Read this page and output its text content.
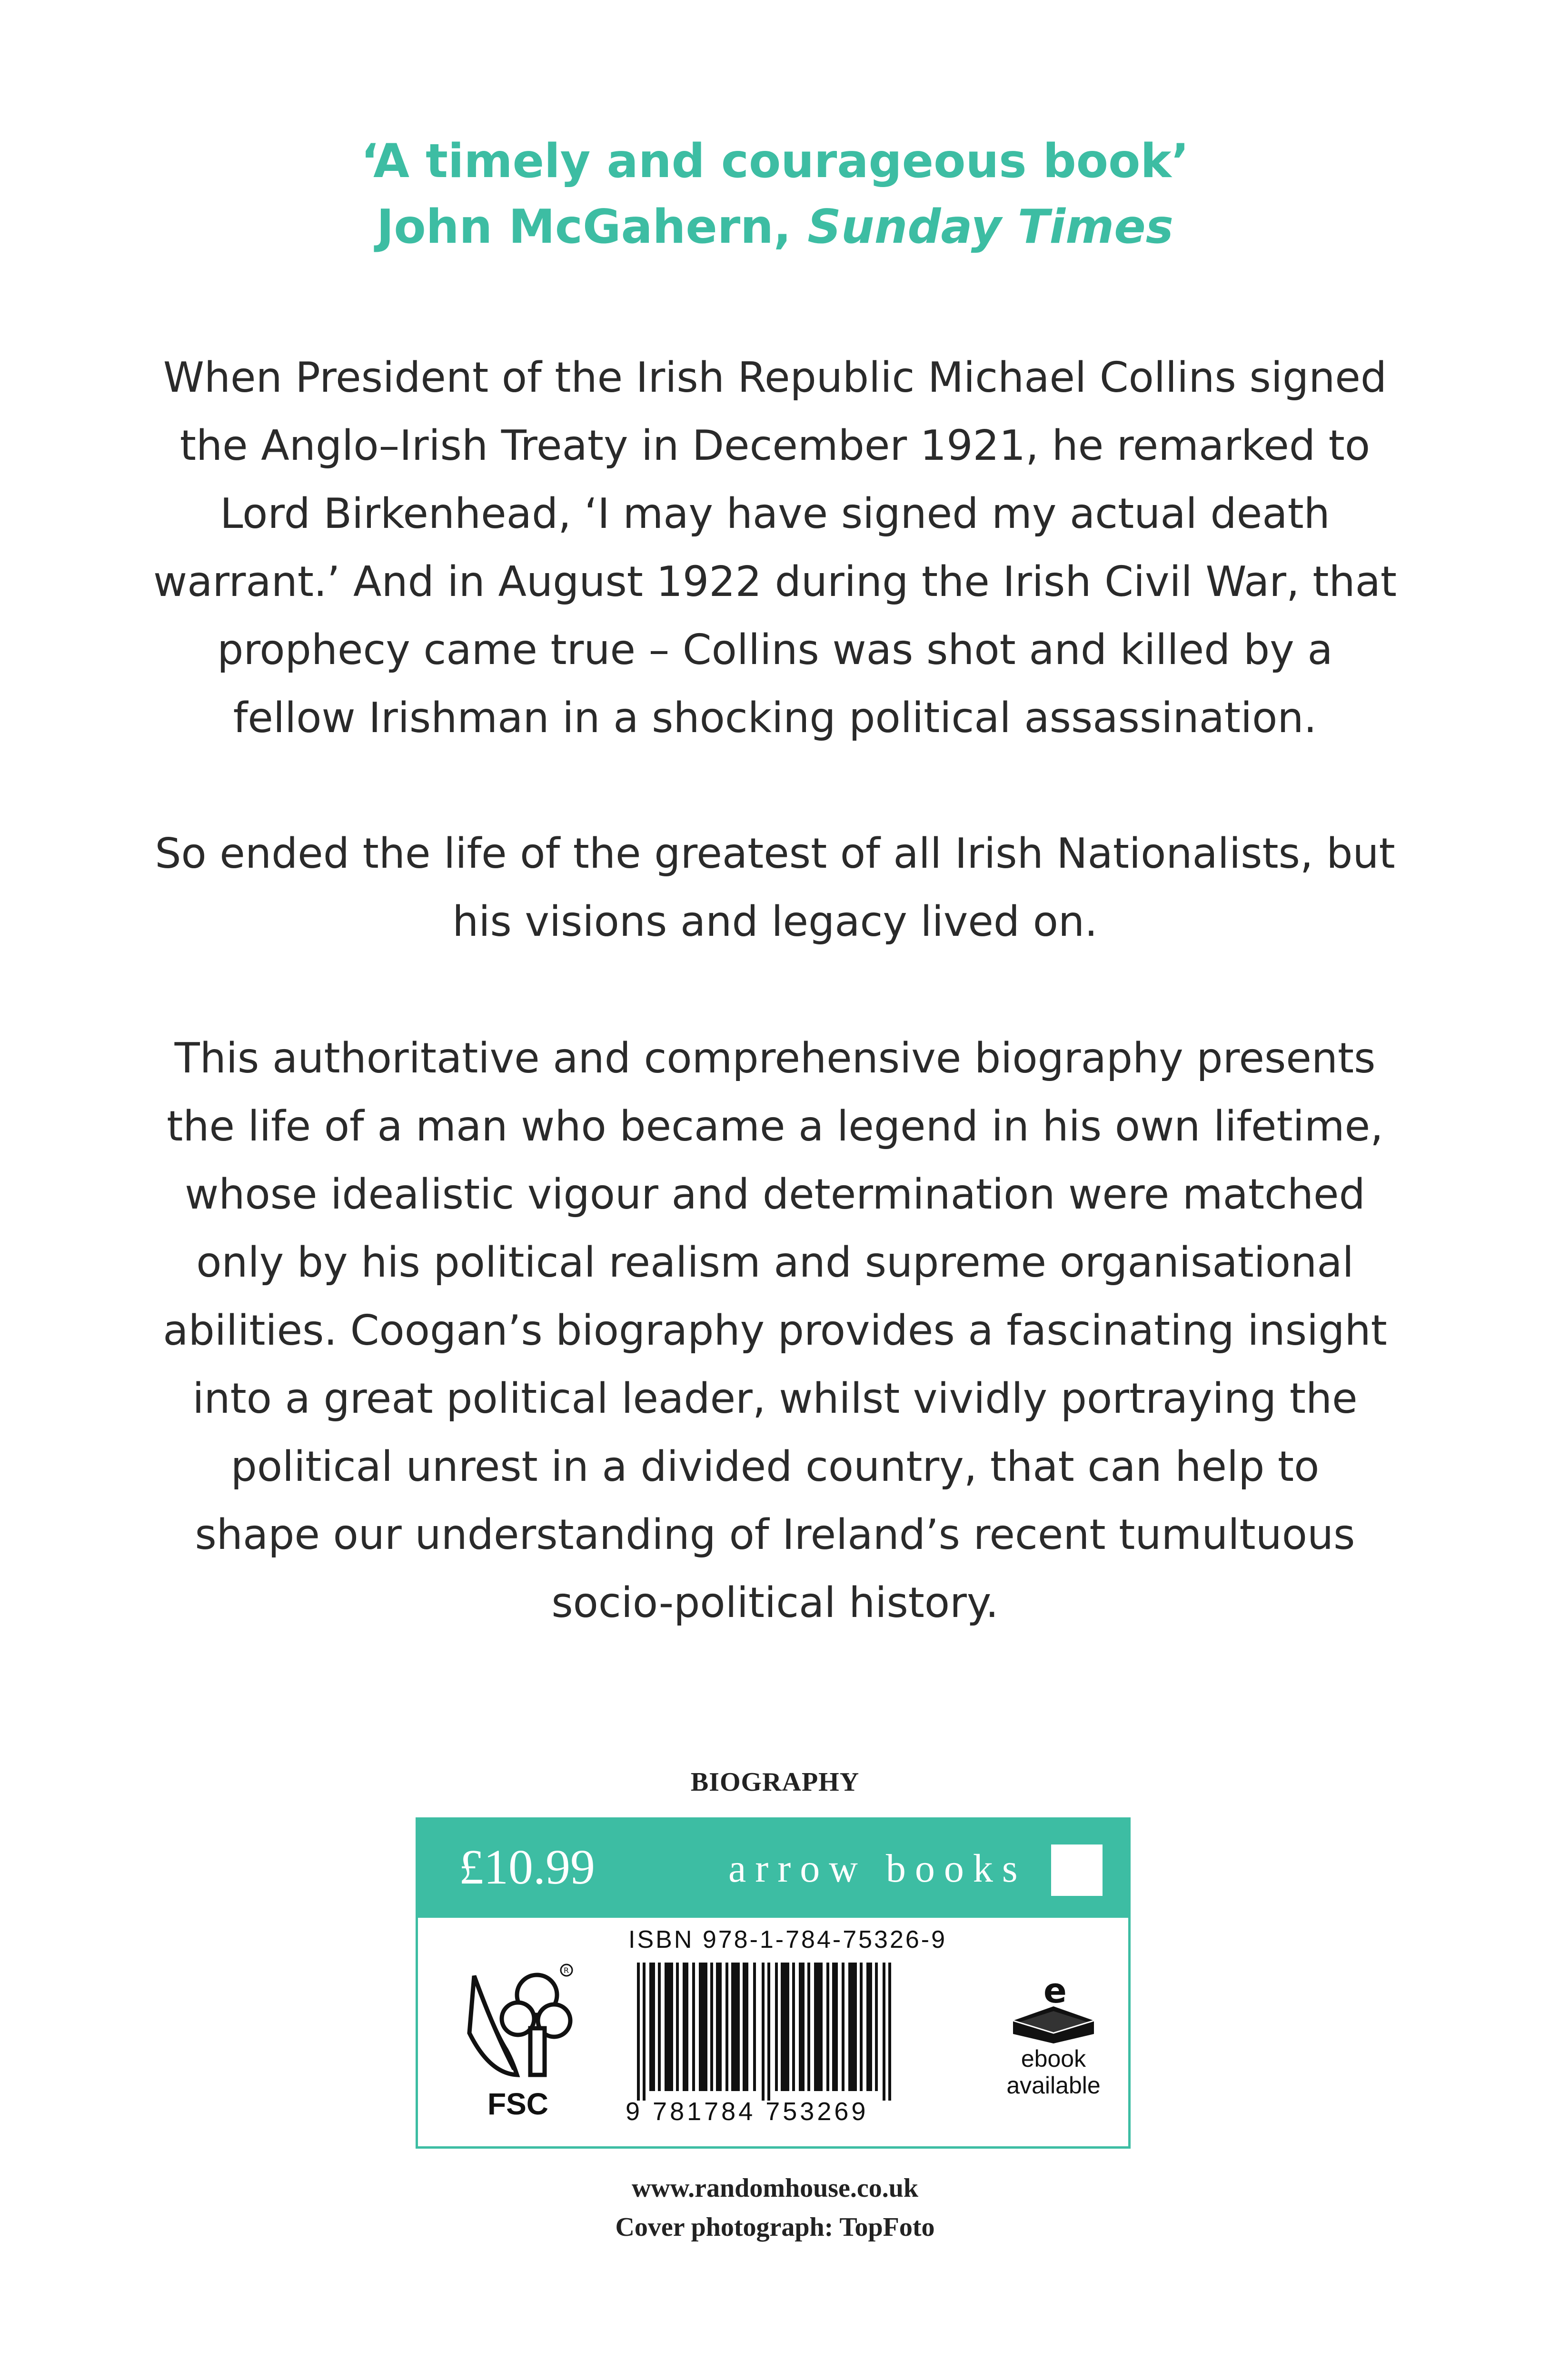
‘A timely and courageous book’
John McGahern, Sunday Times
When President of the Irish Republic Michael Collins signed
the Anglo–Irish Treaty in December 1921, he remarked to
Lord Birkenhead, ‘I may have signed my actual death
warrant.’ And in August 1922 during the Irish Civil War, that
prophecy came true – Collins was shot and killed by a
fellow Irishman in a shocking political assassination.
So ended the life of the greatest of all Irish Nationalists, but
his visions and legacy lived on.
This authoritative and comprehensive biography presents
the life of a man who became a legend in his own lifetime,
whose idealistic vigour and determination were matched
only by his political realism and supreme organisational
abilities. Coogan’s biography provides a fascinating insight
into a great political leader, whilst vividly portraying the
political unrest in a divided country, that can help to
shape our understanding of Ireland’s recent tumultuous
socio-political history.
BIOGRAPHY
£10.99	arrow books
R
FSC
ISBN 978-1-784-75326-9
9 781784 753269
e
ebook
available
www.randomhouse.co.uk
Cover photograph: TopFoto
